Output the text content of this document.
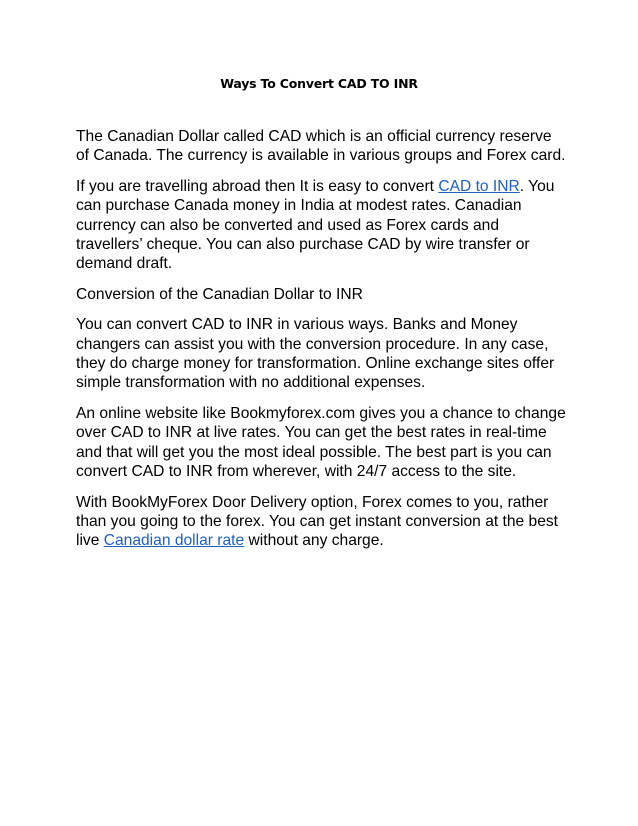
Ways To Convert CAD TO INR

The Canadian Dollar called CAD which is an official currency reserve of Canada. The currency is available in various groups and Forex card.

If you are travelling abroad then It is easy to convert CAD to INR. You can purchase Canada money in India at modest rates. Canadian currency can also be converted and used as Forex cards and travellers’ cheque. You can also purchase CAD by wire transfer or demand draft.

Conversion of the Canadian Dollar to INR

You can convert CAD to INR in various ways. Banks and Money changers can assist you with the conversion procedure. In any case, they do charge money for transformation. Online exchange sites offer simple transformation with no additional expenses.

An online website like Bookmyforex.com gives you a chance to change over CAD to INR at live rates. You can get the best rates in real-time and that will get you the most ideal possible. The best part is you can convert CAD to INR from wherever, with 24/7 access to the site.

With BookMyForex Door Delivery option, Forex comes to you, rather than you going to the forex. You can get instant conversion at the best live Canadian dollar rate without any charge.
